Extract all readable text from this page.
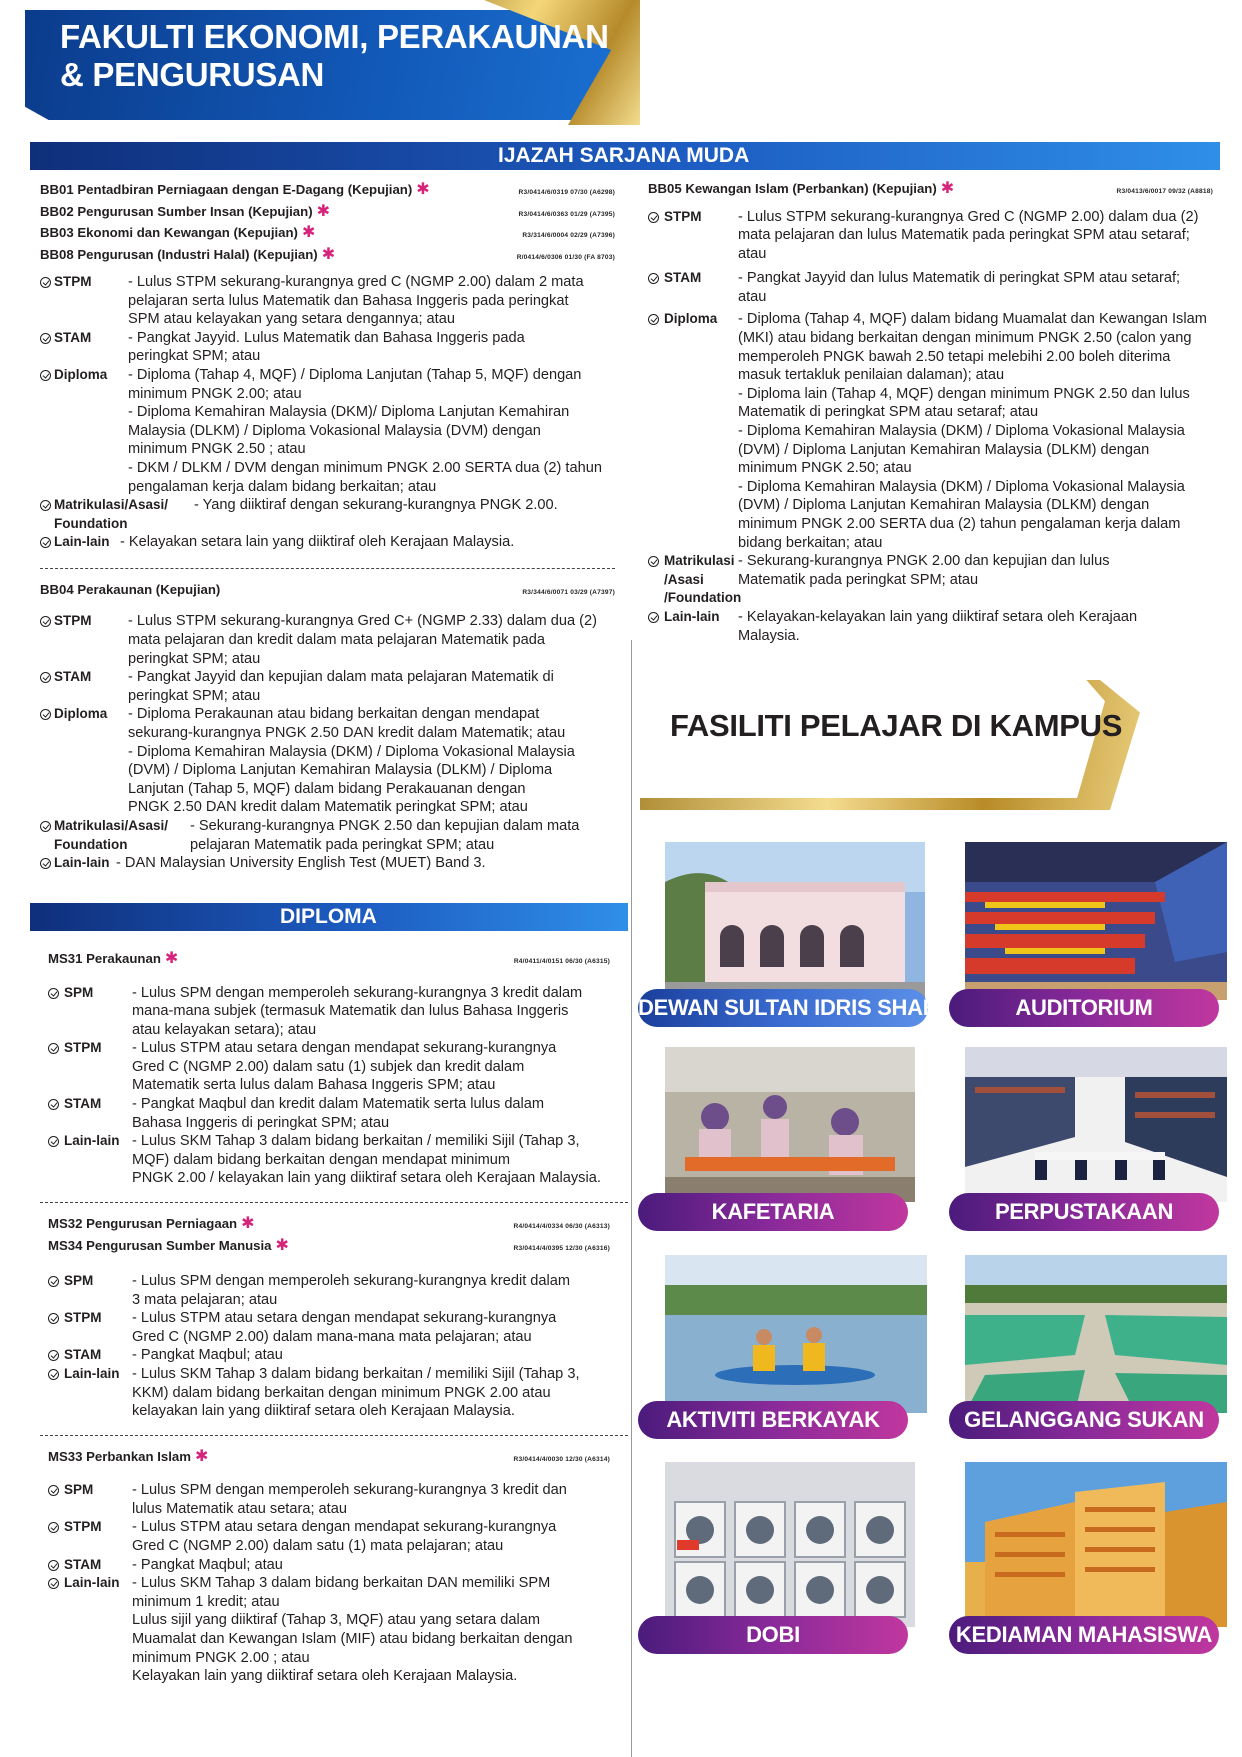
FAKULTI EKONOMI, PERAKAUNAN
& PENGURUSAN
IJAZAH SARJANA MUDA
BB01 Pentadbiran Perniagaan dengan E-Dagang (Kepujian) ✱	R3/0414/6/0319 07/30 (A6298)
BB02 Pengurusan Sumber Insan (Kepujian) ✱	R3/0414/6/0363 01/29 (A7395)
BB03 Ekonomi dan Kewangan (Kepujian) ✱	R3/314/6/0004 02/29 (A7396)
BB08 Pengurusan (Industri Halal) (Kepujian) ✱	R/0414/6/0306 01/30 (FA 8703)
STPM	- Lulus STPM sekurang-kurangnya gred C (NGMP 2.00) dalam 2 mata
pelajaran serta lulus Matematik dan Bahasa Inggeris pada peringkat
SPM atau kelayakan yang setara dengannya; atau
STAM	- Pangkat Jayyid. Lulus Matematik dan Bahasa Inggeris pada
peringkat SPM; atau
Diploma	- Diploma (Tahap 4, MQF) / Diploma Lanjutan (Tahap 5, MQF) dengan
minimum PNGK 2.00; atau
- Diploma Kemahiran Malaysia (DKM)/ Diploma Lanjutan Kemahiran
Malaysia (DLKM) / Diploma Vokasional Malaysia (DVM) dengan
minimum PNGK 2.50 ; atau
- DKM / DLKM / DVM dengan minimum PNGK 2.00 SERTA dua (2) tahun
pengalaman kerja dalam bidang berkaitan; atau
Matrikulasi/Asasi/
Foundation
- Yang diiktiraf dengan sekurang-kurangnya PNGK 2.00.
Lain-lain - Kelayakan setara lain yang diiktiraf oleh Kerajaan Malaysia.
BB04 Perakaunan (Kepujian)	R3/344/6/0071 03/29 (A7397)
STPM	- Lulus STPM sekurang-kurangnya Gred C+ (NGMP 2.33) dalam dua (2)
mata pelajaran dan kredit dalam mata pelajaran Matematik pada
peringkat SPM; atau
STAM	- Pangkat Jayyid dan kepujian dalam mata pelajaran Matematik di
peringkat SPM; atau
Diploma	- Diploma Perakaunan atau bidang berkaitan dengan mendapat
sekurang-kurangnya PNGK 2.50 DAN kredit dalam Matematik; atau
- Diploma Kemahiran Malaysia (DKM) / Diploma Vokasional Malaysia
(DVM) / Diploma Lanjutan Kemahiran Malaysia (DLKM) / Diploma
Lanjutan (Tahap 5, MQF) dalam bidang Perakauanan dengan
PNGK 2.50 DAN kredit dalam Matematik peringkat SPM; atau
Matrikulasi/Asasi/
Foundation
- Sekurang-kurangnya PNGK 2.50 dan kepujian dalam mata
pelajaran Matematik pada peringkat SPM; atau
Lain-lain - DAN Malaysian University English Test (MUET) Band 3.
DIPLOMA
MS31 Perakaunan ✱	R4/0411/4/0151 06/30 (A6315)
SPM	- Lulus SPM dengan memperoleh sekurang-kurangnya 3 kredit dalam
mana-mana subjek (termasuk Matematik dan lulus Bahasa Inggeris
atau kelayakan setara); atau
STPM	- Lulus STPM atau setara dengan mendapat sekurang-kurangnya
Gred C (NGMP 2.00) dalam satu (1) subjek dan kredit dalam
Matematik serta lulus dalam Bahasa Inggeris SPM; atau
STAM	- Pangkat Maqbul dan kredit dalam Matematik serta lulus dalam
Bahasa Inggeris di peringkat SPM; atau
Lain-lain - Lulus SKM Tahap 3 dalam bidang berkaitan / memiliki Sijil (Tahap 3,
MQF) dalam bidang berkaitan dengan mendapat minimum
PNGK 2.00 / kelayakan lain yang diiktiraf setara oleh Kerajaan Malaysia.
MS32 Pengurusan Perniagaan ✱	R4/0414/4/0334 06/30 (A6313)
MS34 Pengurusan Sumber Manusia ✱	R3/0414/4/0395 12/30 (A6316)
SPM	- Lulus SPM dengan memperoleh sekurang-kurangnya kredit dalam
3 mata pelajaran; atau
STPM	- Lulus STPM atau setara dengan mendapat sekurang-kurangnya
Gred C (NGMP 2.00) dalam mana-mana mata pelajaran; atau
STAM	- Pangkat Maqbul; atau
Lain-lain - Lulus SKM Tahap 3 dalam bidang berkaitan / memiliki Sijil (Tahap 3,
KKM) dalam bidang berkaitan dengan minimum PNGK 2.00 atau
kelayakan lain yang diiktiraf setara oleh Kerajaan Malaysia.
MS33 Perbankan Islam ✱	R3/0414/4/0030 12/30 (A6314)
SPM	- Lulus SPM dengan memperoleh sekurang-kurangnya 3 kredit dan
lulus Matematik atau setara; atau
STPM	- Lulus STPM atau setara dengan mendapat sekurang-kurangnya
Gred C (NGMP 2.00) dalam satu (1) mata pelajaran; atau
STAM	- Pangkat Maqbul; atau
Lain-lain - Lulus SKM Tahap 3 dalam bidang berkaitan DAN memiliki SPM
minimum 1 kredit; atau
Lulus sijil yang diiktiraf (Tahap 3, MQF) atau yang setara dalam
Muamalat dan Kewangan Islam (MIF) atau bidang berkaitan dengan
minimum PNGK 2.00 ; atau
Kelayakan lain yang diiktiraf setara oleh Kerajaan Malaysia.
BB05 Kewangan Islam (Perbankan) (Kepujian) ✱	R3/0413/6/0017 09/32 (A8818)
STPM	- Lulus STPM sekurang-kurangnya Gred C (NGMP 2.00) dalam dua (2)
mata pelajaran dan lulus Matematik pada peringkat SPM atau setaraf;
atau
STAM	- Pangkat Jayyid dan lulus Matematik di peringkat SPM atau setaraf;
atau
Diploma	- Diploma (Tahap 4, MQF) dalam bidang Muamalat dan Kewangan Islam
(MKI) atau bidang berkaitan dengan minimum PNGK 2.50 (calon yang
memperoleh PNGK bawah 2.50 tetapi melebihi 2.00 boleh diterima
masuk tertakluk penilaian dalaman); atau
- Diploma lain (Tahap 4, MQF) dengan minimum PNGK 2.50 dan lulus
Matematik di peringkat SPM atau setaraf; atau
- Diploma Kemahiran Malaysia (DKM) / Diploma Vokasional Malaysia
(DVM) / Diploma Lanjutan Kemahiran Malaysia (DLKM) dengan
minimum PNGK 2.50; atau
- Diploma Kemahiran Malaysia (DKM) / Diploma Vokasional Malaysia
(DVM) / Diploma Lanjutan Kemahiran Malaysia (DLKM) dengan
minimum PNGK 2.00 SERTA dua (2) tahun pengalaman kerja dalam
bidang berkaitan; atau
Matrikulasi
/Asasi
/Foundation
- Sekurang-kurangnya PNGK 2.00 dan kepujian dan lulus
Matematik pada peringkat SPM; atau
Lain-lain	- Kelayakan-kelayakan lain yang diiktiraf setara oleh Kerajaan
Malaysia.
FASILITI PELAJAR DI KAMPUS
DEWAN SULTAN IDRIS SHAH	AUDITORIUM
KAFETARIA	PERPUSTAKAAN
AKTIVITI BERKAYAK	GELANGGANG SUKAN
DOBI	KEDIAMAN MAHASISWA
